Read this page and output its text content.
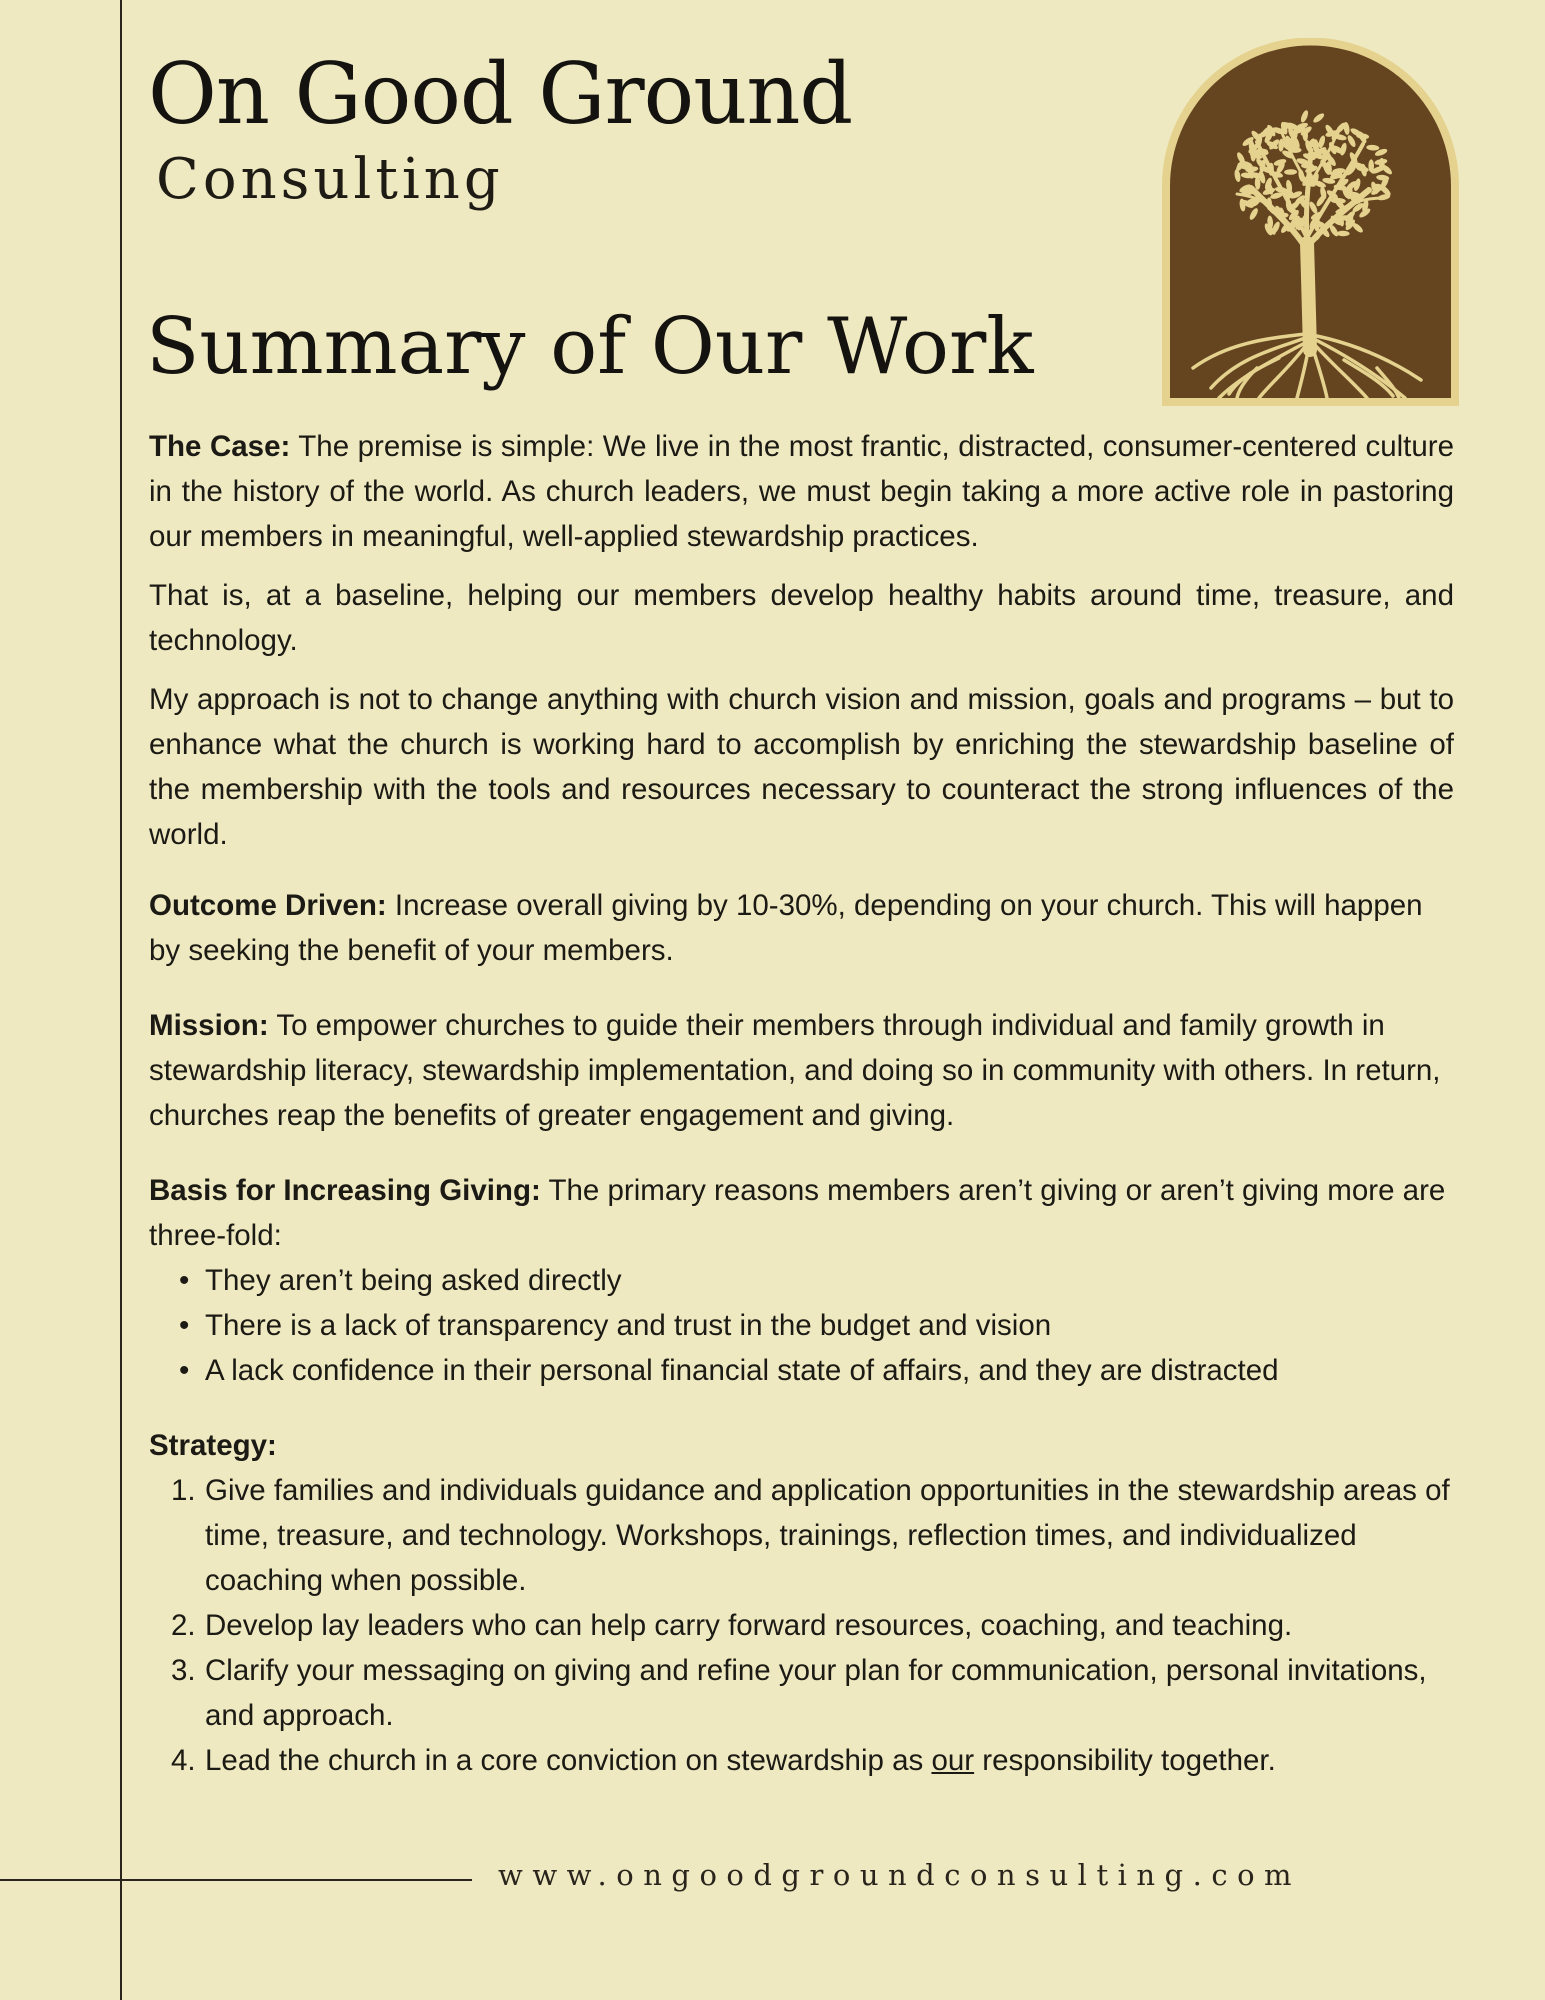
On Good Ground
Consulting
Summary of Our Work

The Case: The premise is simple: We live in the most frantic, distracted, consumer-centered culture in the history of the world. As church leaders, we must begin taking a more active role in pastoring our members in meaningful, well-applied stewardship practices.

That is, at a baseline, helping our members develop healthy habits around time, treasure, and technology.

My approach is not to change anything with church vision and mission, goals and programs – but to enhance what the church is working hard to accomplish by enriching the stewardship baseline of the membership with the tools and resources necessary to counteract the strong influences of the world.

Outcome Driven: Increase overall giving by 10-30%, depending on your church. This will happen by seeking the benefit of your members.

Mission: To empower churches to guide their members through individual and family growth in stewardship literacy, stewardship implementation, and doing so in community with others. In return, churches reap the benefits of greater engagement and giving.

Basis for Increasing Giving: The primary reasons members aren’t giving or aren’t giving more are three-fold:

• They aren’t being asked directly
• There is a lack of transparency and trust in the budget and vision
• A lack confidence in their personal financial state of affairs, and they are distracted

Strategy:

1. Give families and individuals guidance and application opportunities in the stewardship areas of time, treasure, and technology. Workshops, trainings, reflection times, and individualized coaching when possible.
2. Develop lay leaders who can help carry forward resources, coaching, and teaching.
3. Clarify your messaging on giving and refine your plan for communication, personal invitations, and approach.
4. Lead the church in a core conviction on stewardship as our responsibility together.
www.ongoodgroundconsulting.com
